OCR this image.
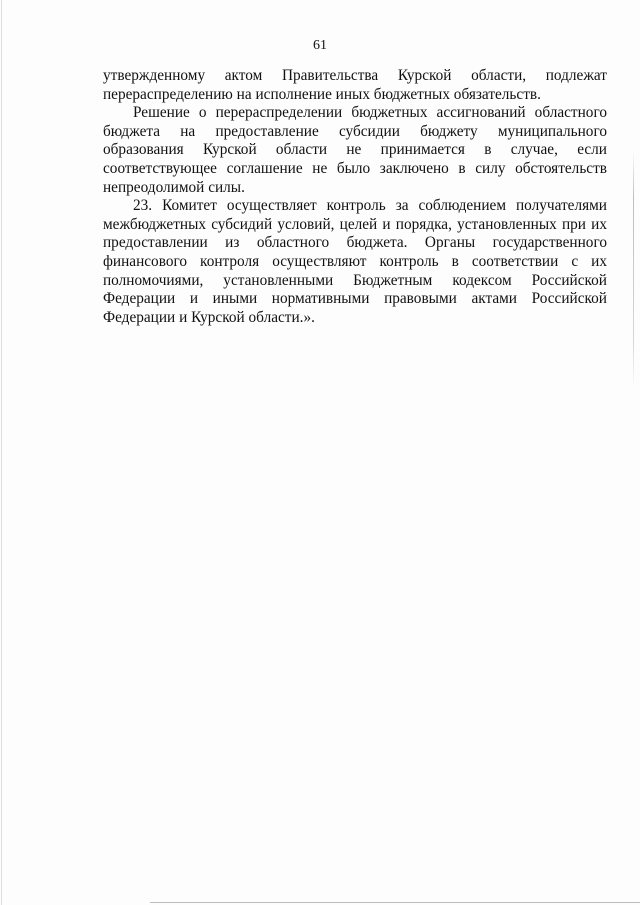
61

утвержденному актом Правительства Курской области, подлежат перераспределению на исполнение иных бюджетных обязательств.

Решение о перераспределении бюджетных ассигнований областного бюджета на предоставление субсидии бюджету муниципального образования Курской области не принимается в случае, если соответствующее соглашение не было заключено в силу обстоятельств непреодолимой силы.

23. Комитет осуществляет контроль за соблюдением получателями межбюджетных субсидий условий, целей и порядка, установленных при их предоставлении из областного бюджета. Органы государственного финансового контроля осуществляют контроль в соответствии с их полномочиями, установленными Бюджетным кодексом Российской Федерации и иными нормативными правовыми актами Российской Федерации и Курской области.».
